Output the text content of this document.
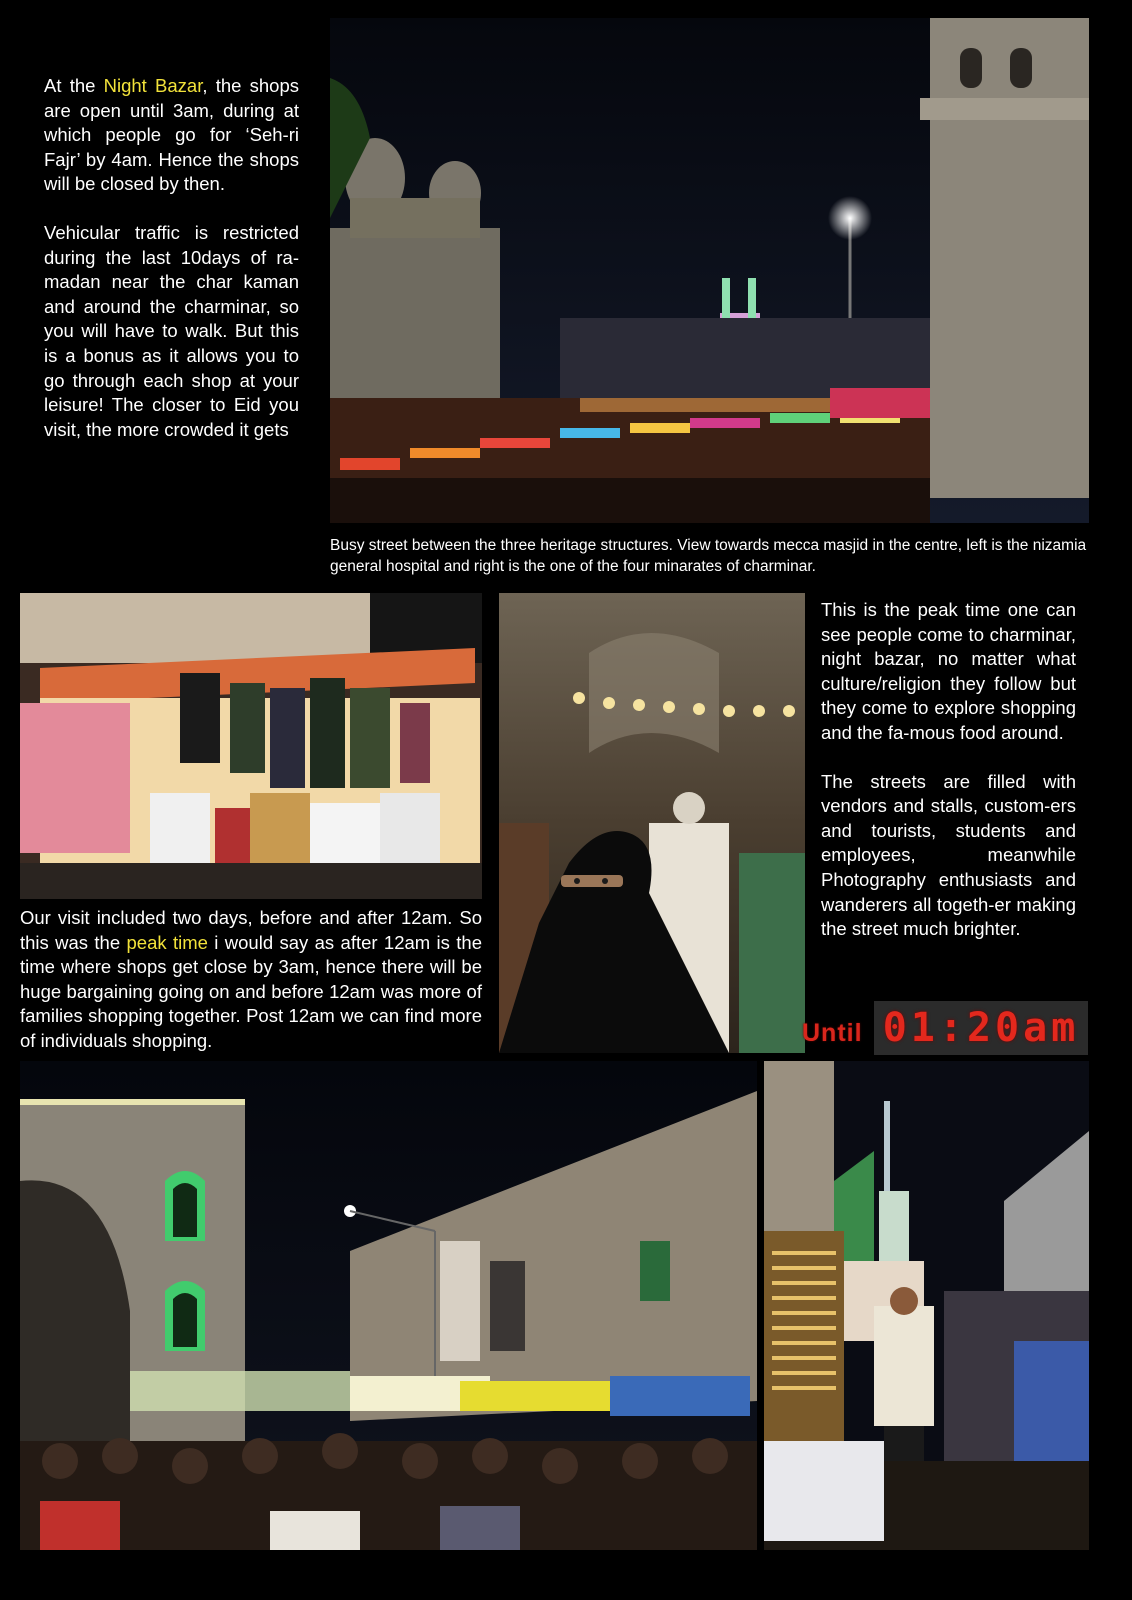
At the Night Bazar, the shops are open until 3am, during at which people go for ‘Seh-ri Fajr’ by 4am. Hence the shops will be closed by then.
Vehicular traffic is restricted during the last 10days of ra-madan near the char kaman and around the charminar, so you will have to walk. But this is a bonus as it allows you to go through each shop at your leisure! The closer to Eid you visit, the more crowded it gets
Busy street between the three heritage structures. View towards mecca masjid in the centre, left is the nizamia general hospital and right is the one of the four minarates of charminar.
Our visit included two days, before and after 12am. So this was the peak time i would say as after 12am is the time where shops get close by 3am, hence there will be huge bargaining going on and before 12am was more of families shopping together. Post 12am we can find more of individuals shopping.
This is the peak time one can see people come to charminar, night bazar, no matter what culture/religion they follow but they come to explore shopping and the fa-mous food around.
The streets are filled with vendors and stalls, custom-ers and tourists, students and employees, meanwhile Photography enthusiasts and wanderers all togeth-er making the street much brighter.
Until 01:20am
